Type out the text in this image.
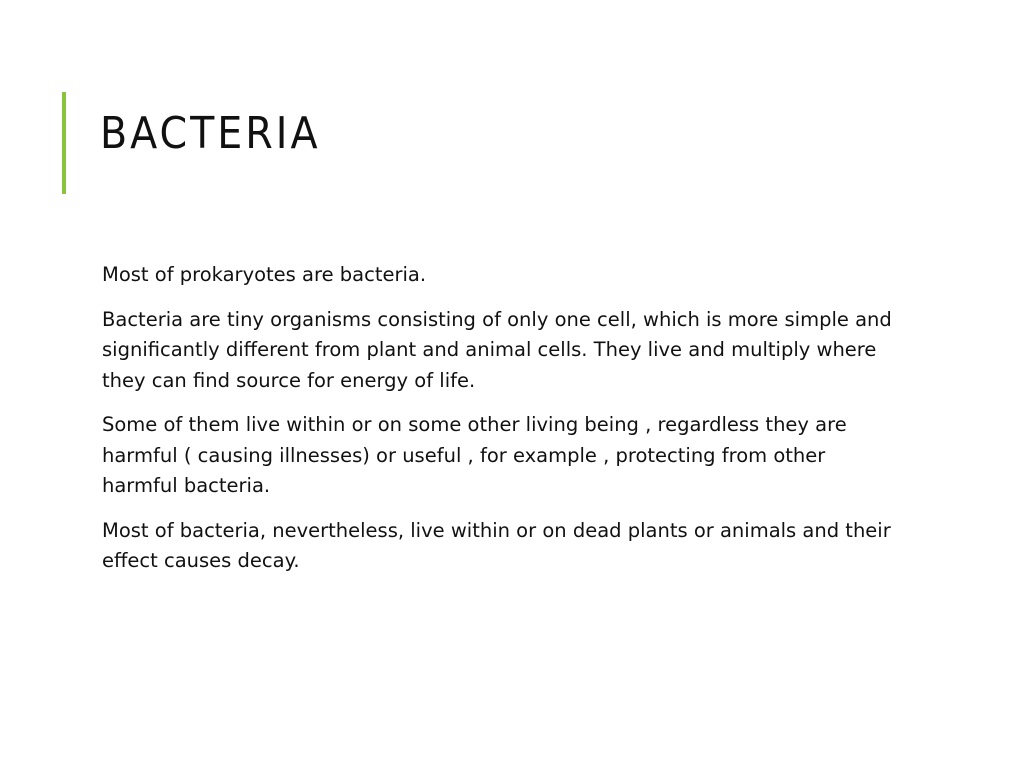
BACTERIA

Most of prokaryotes are bacteria.

Bacteria are tiny organisms consisting of only one cell, which is more simple and significantly different from plant and animal cells. They live and multiply where they can find source for energy of life.

Some of them live within or on some other living being , regardless they are harmful ( causing illnesses) or useful , for example , protecting from other harmful bacteria.

Most of bacteria, nevertheless, live within or on dead plants or animals and their effect causes decay.
